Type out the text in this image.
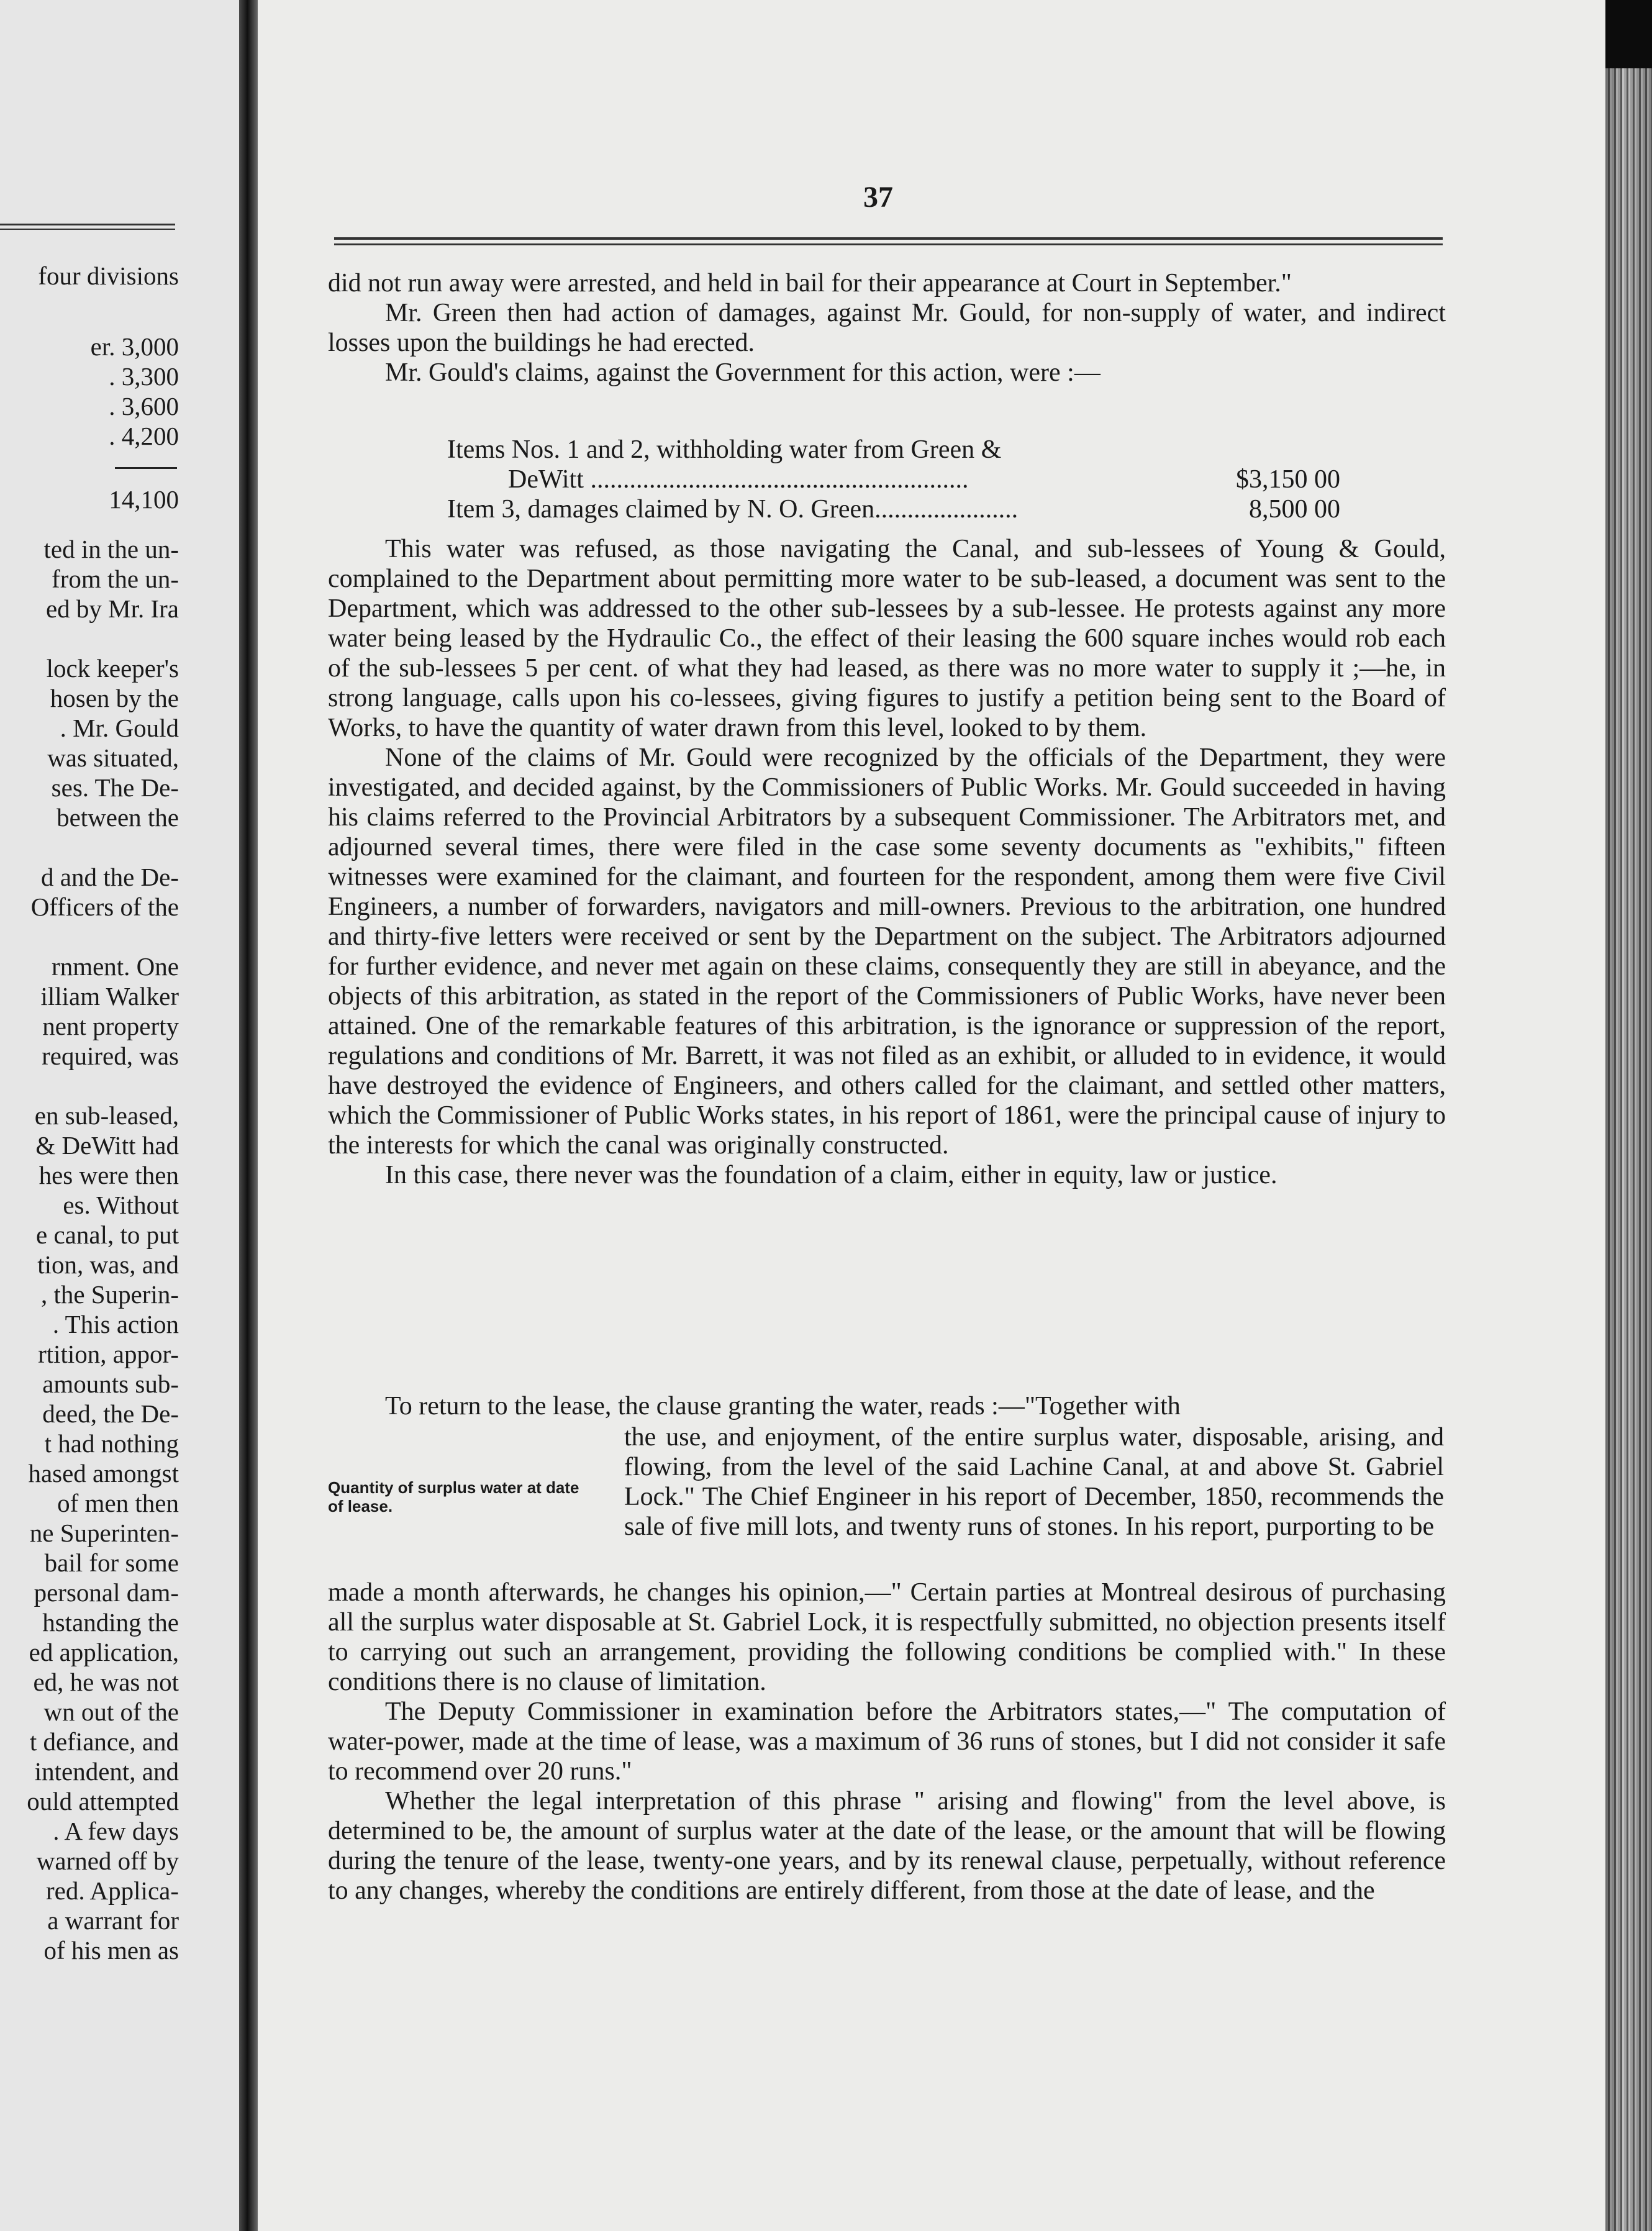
four divisions
er. 3,000
. 3,300
. 3,600
. 4,200
14,100
ted in the un-
from the un-
ed by Mr. Ira
lock keeper's
hosen by the
. Mr. Gould
was situated,
ses. The De-
between the
d and the De-
Officers of the
rnment. One
illiam Walker
nent property
required, was
en sub-leased,
& DeWitt had
hes were then
es. Without
e canal, to put
tion, was, and
, the Superin-
. This action
rtition, appor-
amounts sub-
deed, the De-
t had nothing
hased amongst
of men then
ne Superinten-
bail for some
personal dam-
hstanding the
ed application,
ed, he was not
wn out of the
t defiance, and
intendent, and
ould attempted
. A few days
warned off by
red. Applica-
a warrant for
of his men as
37

did not run away were arrested, and held in bail for their appearance at Court in September."

Mr. Green then had action of damages, against Mr. Gould, for non-supply of water, and indirect losses upon the buildings he had erected.

Mr. Gould's claims, against the Government for this action, were :—

Items Nos. 1 and 2, withholding water from Green &
DeWitt ..........................................................	$3,150 00
Item 3, damages claimed by N. O. Green......................	8,500 00

This water was refused, as those navigating the Canal, and sub-lessees of Young & Gould, complained to the Department about permitting more water to be sub-leased, a document was sent to the Department, which was addressed to the other sub-lessees by a sub-lessee. He protests against any more water being leased by the Hydraulic Co., the effect of their leasing the 600 square inches would rob each of the sub-lessees 5 per cent. of what they had leased, as there was no more water to supply it ;—he, in strong language, calls upon his co-lessees, giving figures to justify a petition being sent to the Board of Works, to have the quantity of water drawn from this level, looked to by them.

None of the claims of Mr. Gould were recognized by the officials of the Department, they were investigated, and decided against, by the Commissioners of Public Works. Mr. Gould succeeded in having his claims referred to the Provincial Arbitrators by a subsequent Commissioner. The Arbitrators met, and adjourned several times, there were filed in the case some seventy documents as "exhibits," fifteen witnesses were examined for the claimant, and fourteen for the respondent, among them were five Civil Engineers, a number of forwarders, navigators and mill-owners. Previous to the arbitration, one hundred and thirty-five letters were received or sent by the Department on the subject. The Arbitrators adjourned for further evidence, and never met again on these claims, consequently they are still in abeyance, and the objects of this arbitration, as stated in the report of the Commissioners of Public Works, have never been attained. One of the remarkable features of this arbitration, is the ignorance or suppression of the report, regulations and conditions of Mr. Barrett, it was not filed as an exhibit, or alluded to in evidence, it would have destroyed the evidence of Engineers, and others called for the claimant, and settled other matters, which the Commissioner of Public Works states, in his report of 1861, were the principal cause of injury to the interests for which the canal was originally constructed.

In this case, there never was the foundation of a claim, either in equity, law or justice.

To return to the lease, the clause granting the water, reads :—"Together with

Quantity of surplus water at date of lease.

the use, and enjoyment, of the entire surplus water, disposable, arising, and flowing, from the level of the said Lachine Canal, at and above St. Gabriel Lock." The Chief Engineer in his report of December, 1850, recommends the sale of five mill lots, and twenty runs of stones. In his report, purporting to be

made a month afterwards, he changes his opinion,—" Certain parties at Montreal desirous of purchasing all the surplus water disposable at St. Gabriel Lock, it is respectfully submitted, no objection presents itself to carrying out such an arrangement, providing the following conditions be complied with." In these conditions there is no clause of limitation.

The Deputy Commissioner in examination before the Arbitrators states,—" The computation of water-power, made at the time of lease, was a maximum of 36 runs of stones, but I did not consider it safe to recommend over 20 runs."

Whether the legal interpretation of this phrase " arising and flowing" from the level above, is determined to be, the amount of surplus water at the date of the lease, or the amount that will be flowing during the tenure of the lease, twenty-one years, and by its renewal clause, perpetually, without reference to any changes, whereby the conditions are entirely different, from those at the date of lease, and the
